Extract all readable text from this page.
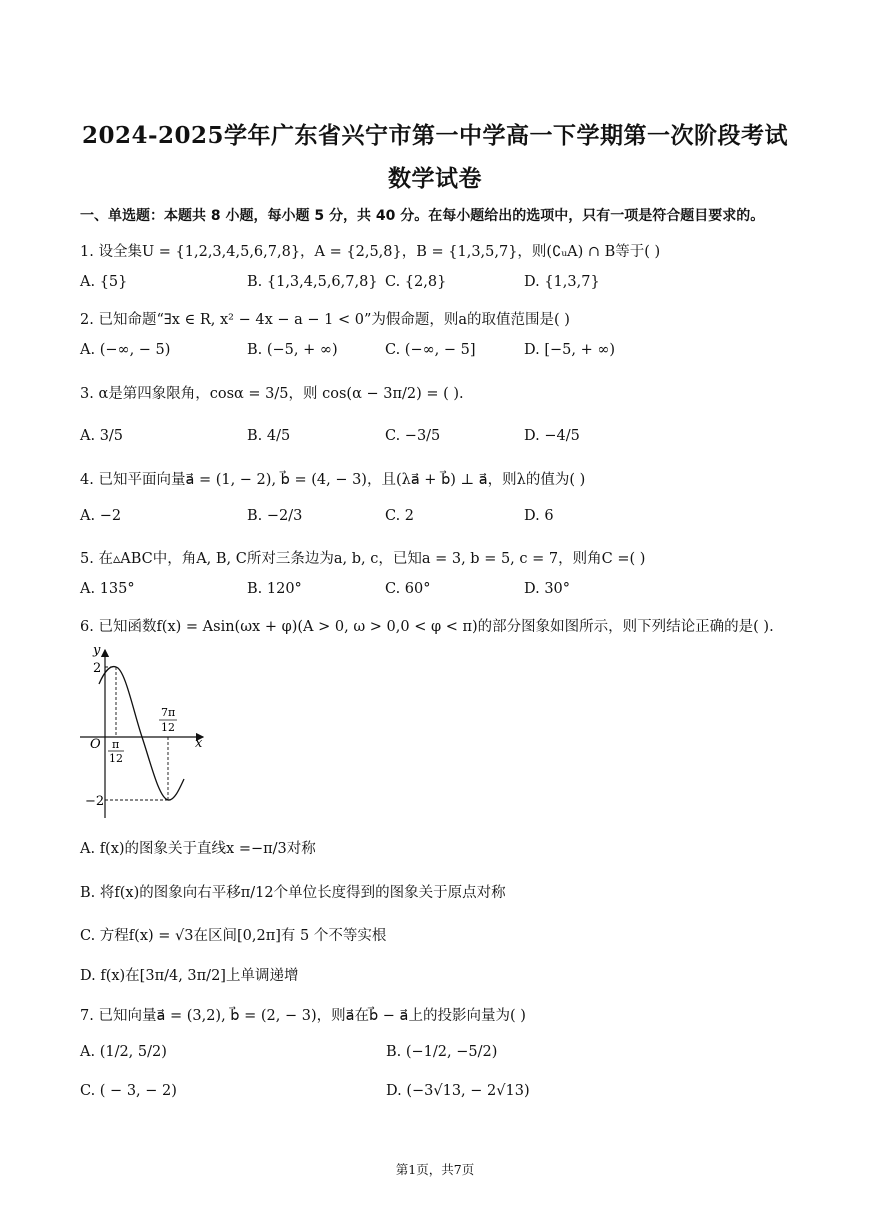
2024-2025学年广东省兴宁市第一中学高一下学期第一次阶段考试
数学试卷
一、单选题：本题共 8 小题，每小题 5 分，共 40 分。在每小题给出的选项中，只有一项是符合题目要求的。
1. 设全集U = {1,2,3,4,5,6,7,8}，A = {2,5,8}，B = {1,3,5,7}，则(∁ᵤA) ∩ B等于( )
A. {5}	B. {1,3,4,5,6,7,8} C. {2,8}	D. {1,3,7}
2. 已知命题“∃x ∈ R, x² − 4x − a − 1 < 0”为假命题，则a的取值范围是( )
A. (−∞, − 5)	B. (−5, + ∞)	C. (−∞, − 5]	D. [−5, + ∞)
3. α是第四象限角，cosα = 3/5，则 cos(α − 3π/2) = ( ).
A. 3/5	B. 4/5	C. −3/5	D. −4/5
4. 已知平面向量a⃗ = (1, − 2), b⃗ = (4, − 3)，且(λa⃗ + b⃗) ⊥ a⃗，则λ的值为( )
A. −2	B. −2/3	C. 2	D. 6
5. 在▵ABC中，角A, B, C所对三条边为a, b, c，已知a = 3, b = 5, c = 7，则角C =( )
A. 135°	B. 120°	C. 60°	D. 30°
6. 已知函数f(x) = Asin(ωx + φ)(A > 0, ω > 0,0 < φ < π)的部分图象如图所示，则下列结论正确的是( ).
y
x
O
2
−2
π
12
7π
12
A. f(x)的图象关于直线x =−π/3对称
B. 将f(x)的图象向右平移π/12个单位长度得到的图象关于原点对称
C. 方程f(x) = √3在区间[0,2π]有 5 个不等实根
D. f(x)在[3π/4, 3π/2]上单调递增
7. 已知向量a⃗ = (3,2), b⃗ = (2, − 3)，则a⃗在b⃗ − a⃗上的投影向量为( )
A. (1/2, 5/2)	B. (−1/2, −5/2)
C. ( − 3, − 2)	D. (−3√13, − 2√13)
第1页，共7页
